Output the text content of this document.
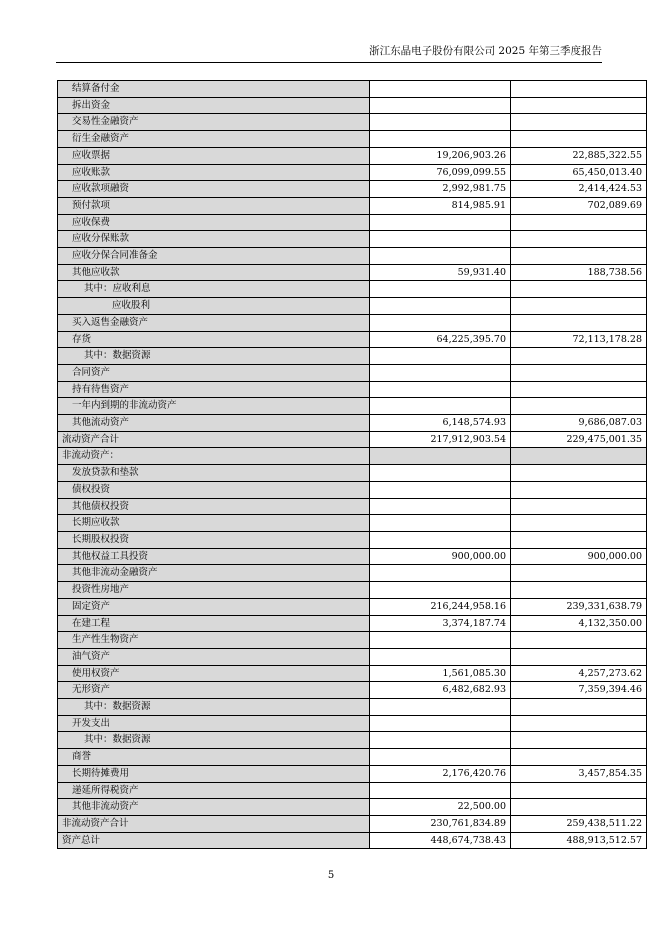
浙江东晶电子股份有限公司 2025 年第三季度报告
结算备付金		
拆出资金		
交易性金融资产		
衍生金融资产		
应收票据	19,206,903.26	22,885,322.55
应收账款	76,099,099.55	65,450,013.40
应收款项融资	2,992,981.75	2,414,424.53
预付款项	814,985.91	702,089.69
应收保费		
应收分保账款		
应收分保合同准备金		
其他应收款	59,931.40	188,738.56
其中：应收利息		
应收股利		
买入返售金融资产		
存货	64,225,395.70	72,113,178.28
其中：数据资源		
合同资产		
持有待售资产		
一年内到期的非流动资产		
其他流动资产	6,148,574.93	9,686,087.03
流动资产合计	217,912,903.54	229,475,001.35
非流动资产：		
发放贷款和垫款		
债权投资		
其他债权投资		
长期应收款		
长期股权投资		
其他权益工具投资	900,000.00	900,000.00
其他非流动金融资产		
投资性房地产		
固定资产	216,244,958.16	239,331,638.79
在建工程	3,374,187.74	4,132,350.00
生产性生物资产		
油气资产		
使用权资产	1,561,085.30	4,257,273.62
无形资产	6,482,682.93	7,359,394.46
其中：数据资源		
开发支出		
其中：数据资源		
商誉		
长期待摊费用	2,176,420.76	3,457,854.35
递延所得税资产		
其他非流动资产	22,500.00	
非流动资产合计	230,761,834.89	259,438,511.22
资产总计	448,674,738.43	488,913,512.57
5
